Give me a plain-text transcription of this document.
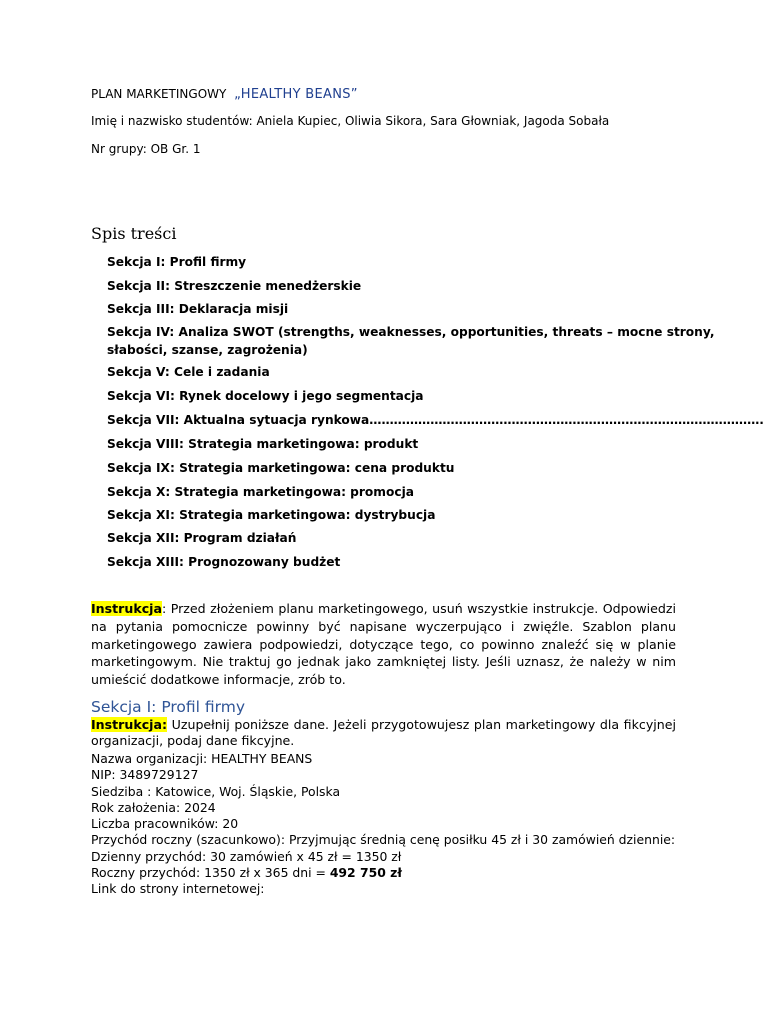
PLAN MARKETINGOWY „HEALTHY BEANS”
Imię i nazwisko studentów: Aniela Kupiec, Oliwia Sikora, Sara Głowniak, Jagoda Sobała
Nr grupy: OB Gr. 1
Spis treści
Sekcja I: Profil firmy
Sekcja II: Streszczenie menedżerskie
Sekcja III: Deklaracja misji
Sekcja IV: Analiza SWOT (strengths, weaknesses, opportunities, threats – mocne strony,
słabości, szanse, zagrożenia)
Sekcja V: Cele i zadania
Sekcja VI: Rynek docelowy i jego segmentacja
Sekcja VII: Aktualna sytuacja rynkowa…………………………………………………………………………………….
Sekcja VIII: Strategia marketingowa: produkt
Sekcja IX: Strategia marketingowa: cena produktu
Sekcja X: Strategia marketingowa: promocja
Sekcja XI: Strategia marketingowa: dystrybucja
Sekcja XII: Program działań
Sekcja XIII: Prognozowany budżet
Instrukcja: Przed złożeniem planu marketingowego, usuń wszystkie instrukcje. Odpowiedzi na pytania pomocnicze powinny być napisane wyczerpująco i zwięźle. Szablon planu marketingowego zawiera podpowiedzi, dotyczące tego, co powinno znaleźć się w planie marketingowym. Nie traktuj go jednak jako zamkniętej listy. Jeśli uznasz, że należy w nim umieścić dodatkowe informacje, zrób to.
Sekcja I: Profil firmy
Instrukcja: Uzupełnij poniższe dane. Jeżeli przygotowujesz plan marketingowy dla fikcyjnej organizacji, podaj dane fikcyjne.
Nazwa organizacji: HEALTHY BEANS
NIP: 3489729127
Siedziba : Katowice, Woj. Śląskie, Polska
Rok założenia: 2024
Liczba pracowników: 20
Przychód roczny (szacunkowo): Przyjmując średnią cenę posiłku 45 zł i 30 zamówień dziennie:
Dzienny przychód: 30 zamówień x 45 zł = 1350 zł
Roczny przychód: 1350 zł x 365 dni = 492 750 zł
Link do strony internetowej:
